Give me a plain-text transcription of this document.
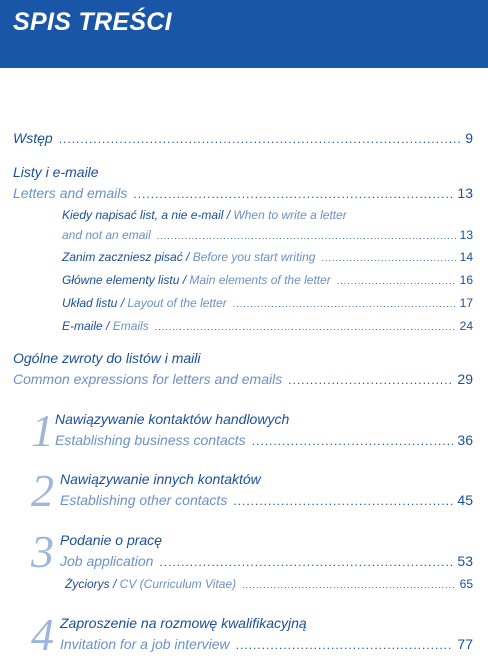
SPIS TREŚCI
Wstęp .....	9
Listy i e-maile
Letters and emails .....	13
Kiedy napisać list, a nie e-mail / When to write a letter
and not an email .....	13
Zanim zaczniesz pisać / Before you start writing .....	14
Główne elementy listu / Main elements of the letter .....	16
Układ listu / Layout of the letter .....	17
E-maile / Emails .....	24
Ogólne zwroty do listów i maili
Common expressions for letters and emails .....	29
1 Nawiązywanie kontaktów handlowych
Establishing business contacts .....	36
2 Nawiązywanie innych kontaktów
Establishing other contacts .....	45
3 Podanie o pracę
Job application .....	53
Życiorys / CV (Curriculum Vitae) .....	65
4 Zaproszenie na rozmowę kwalifikacyjną
Invitation for a job interview .....	77
